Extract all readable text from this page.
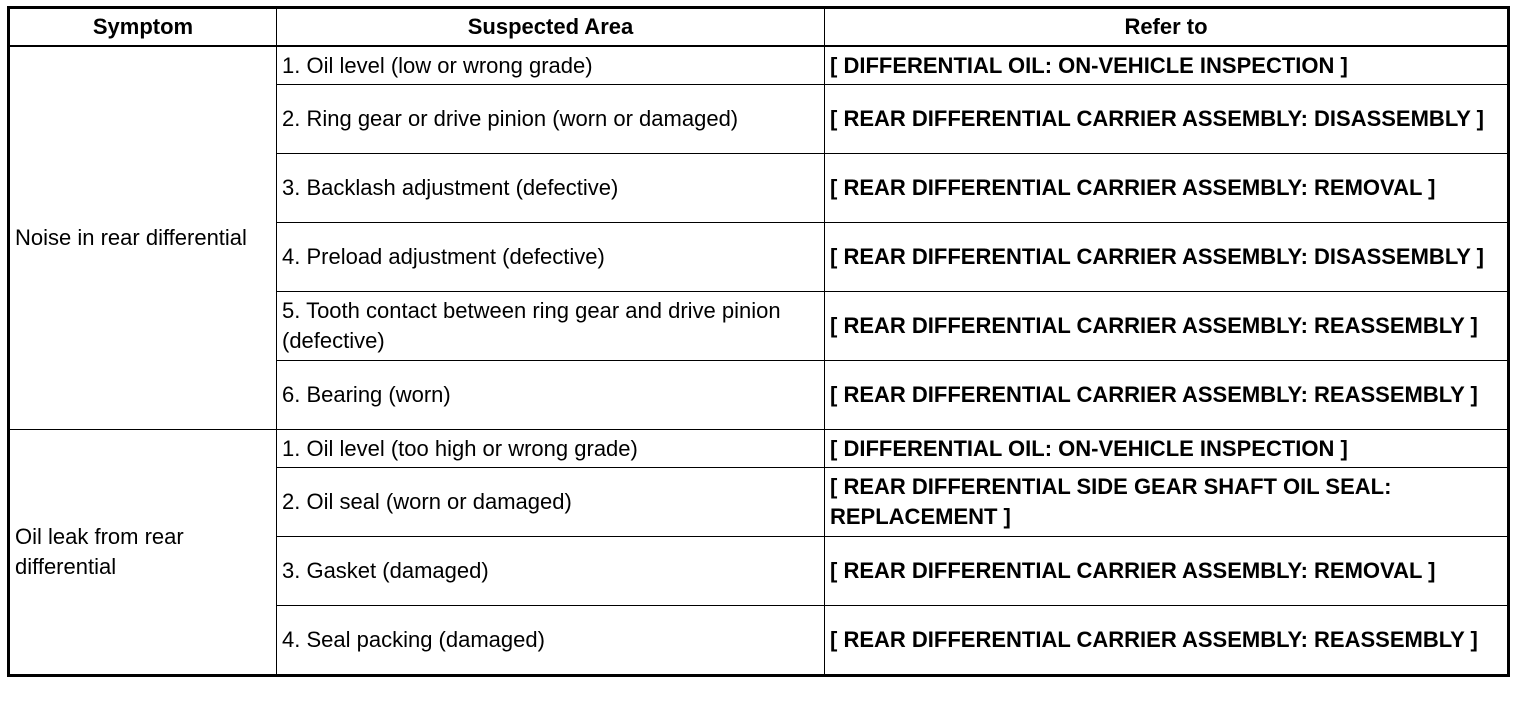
Symptom	Suspected Area	Refer to
Noise in rear differential	1. Oil level (low or wrong grade)	[ DIFFERENTIAL OIL: ON-VEHICLE INSPECTION ]
	2. Ring gear or drive pinion (worn or damaged)	[ REAR DIFFERENTIAL CARRIER ASSEMBLY: DISASSEMBLY ]
	3. Backlash adjustment (defective)	[ REAR DIFFERENTIAL CARRIER ASSEMBLY: REMOVAL ]
	4. Preload adjustment (defective)	[ REAR DIFFERENTIAL CARRIER ASSEMBLY: DISASSEMBLY ]
	5. Tooth contact between ring gear and drive pinion (defective)	[ REAR DIFFERENTIAL CARRIER ASSEMBLY: REASSEMBLY ]
	6. Bearing (worn)	[ REAR DIFFERENTIAL CARRIER ASSEMBLY: REASSEMBLY ]
Oil leak from rear differential	1. Oil level (too high or wrong grade)	[ DIFFERENTIAL OIL: ON-VEHICLE INSPECTION ]
	2. Oil seal (worn or damaged)	[ REAR DIFFERENTIAL SIDE GEAR SHAFT OIL SEAL: REPLACEMENT ]
	3. Gasket (damaged)	[ REAR DIFFERENTIAL CARRIER ASSEMBLY: REMOVAL ]
	4. Seal packing (damaged)	[ REAR DIFFERENTIAL CARRIER ASSEMBLY: REASSEMBLY ]
